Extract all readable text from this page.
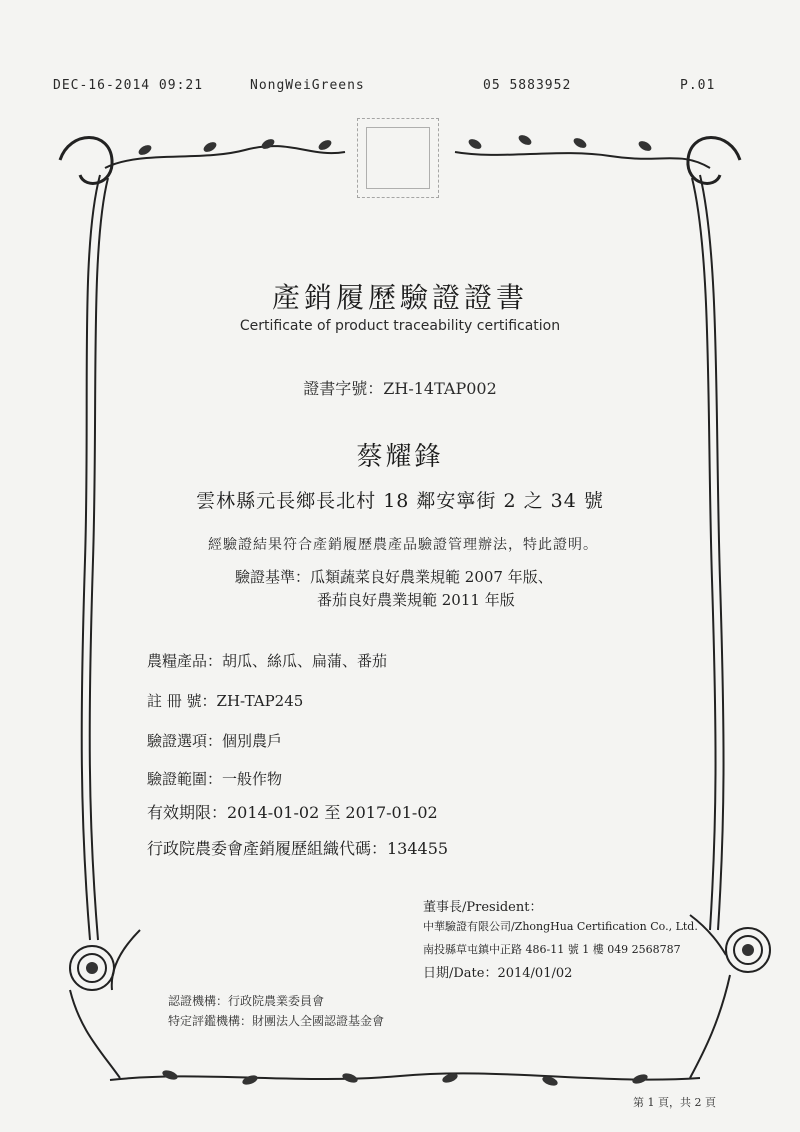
DEC-16-2014 09:21	NongWeiGreens	05 5883952	P.01
產銷履歷驗證證書
Certificate of product traceability certification
證書字號：ZH-14TAP002
蔡耀鋒
雲林縣元長鄉長北村 18 鄰安寧街 2 之 34 號
經驗證結果符合產銷履歷農產品驗證管理辦法，特此證明。
驗證基準：瓜類蔬菜良好農業規範 2007 年版、
番茄良好農業規範 2011 年版
農糧產品：胡瓜、絲瓜、扁蒲、番茄
註 冊 號：ZH-TAP245
驗證選項：個別農戶
驗證範圍：一般作物
有效期限：2014-01-02 至 2017-01-02
行政院農委會產銷履歷組織代碼：134455
董事長/President：
中華驗證有限公司/ZhongHua Certification Co., Ltd.
南投縣草屯鎮中正路 486-11 號 1 樓 049 2568787
日期/Date：2014/01/02
認證機構：行政院農業委員會
特定評鑑機構：財團法人全國認證基金會
第 1 頁，共 2 頁
